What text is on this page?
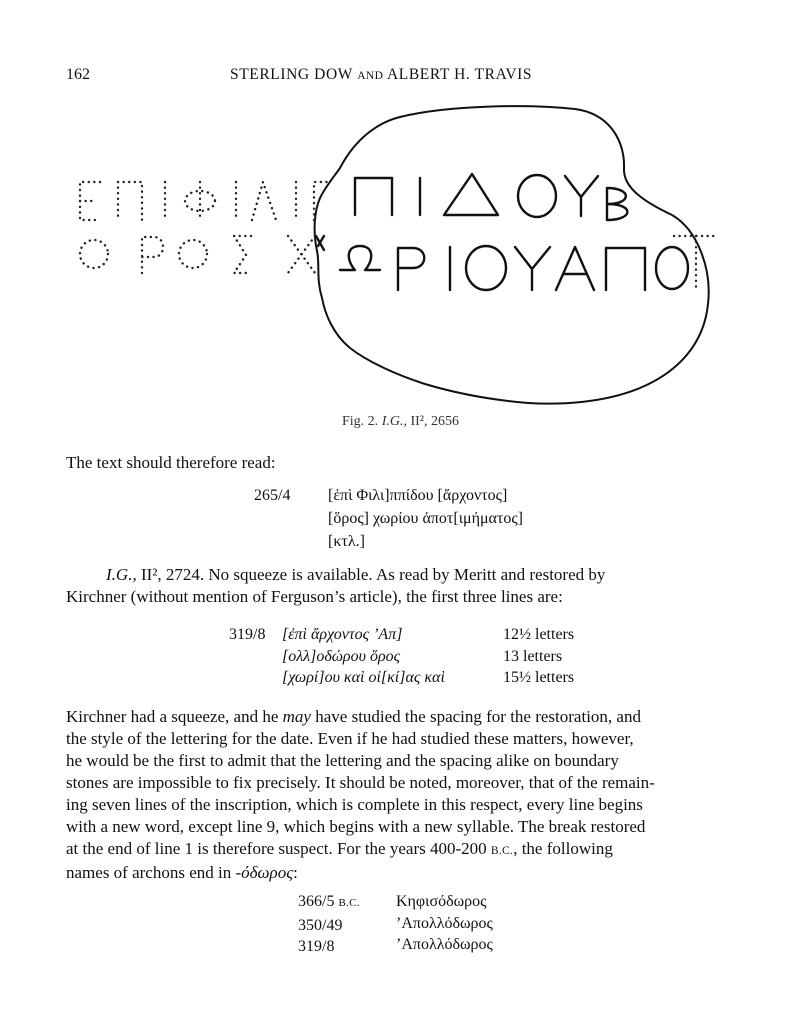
162	STERLING DOW AND ALBERT H. TRAVIS
Fig. 2. I.G., II², 2656
The text should therefore read:
265/4	[ἐπὶ Φιλι]ππίδου [ἄρχοντος]
[ὅρος] χωρίου ἀποτ[ιμήματος]
[κτλ.]
I.G., II², 2724. No squeeze is available. As read by Meritt and restored by
Kirchner (without mention of Ferguson’s article), the first three lines are:
319/8 [ἐπὶ ἄρχοντος ’Απ]
[ολλ]οδώρου ὅρος
[χωρί]ου καὶ οἰ[κί]ας καὶ
12½ letters
13 letters
15½ letters
Kirchner had a squeeze, and he may have studied the spacing for the restoration, and
the style of the lettering for the date. Even if he had studied these matters, however,
he would be the first to admit that the lettering and the spacing alike on boundary
stones are impossible to fix precisely. It should be noted, moreover, that of the remain-
ing seven lines of the inscription, which is complete in this respect, every line begins
with a new word, except line 9, which begins with a new syllable. The break restored
at the end of line 1 is therefore suspect. For the years 400-200 B.C., the following
names of archons end in -όδωρος:
366/5 B.C.
350/49
319/8
Κηφισόδωρος
’Απολλόδωρος
’Απολλόδωρος
